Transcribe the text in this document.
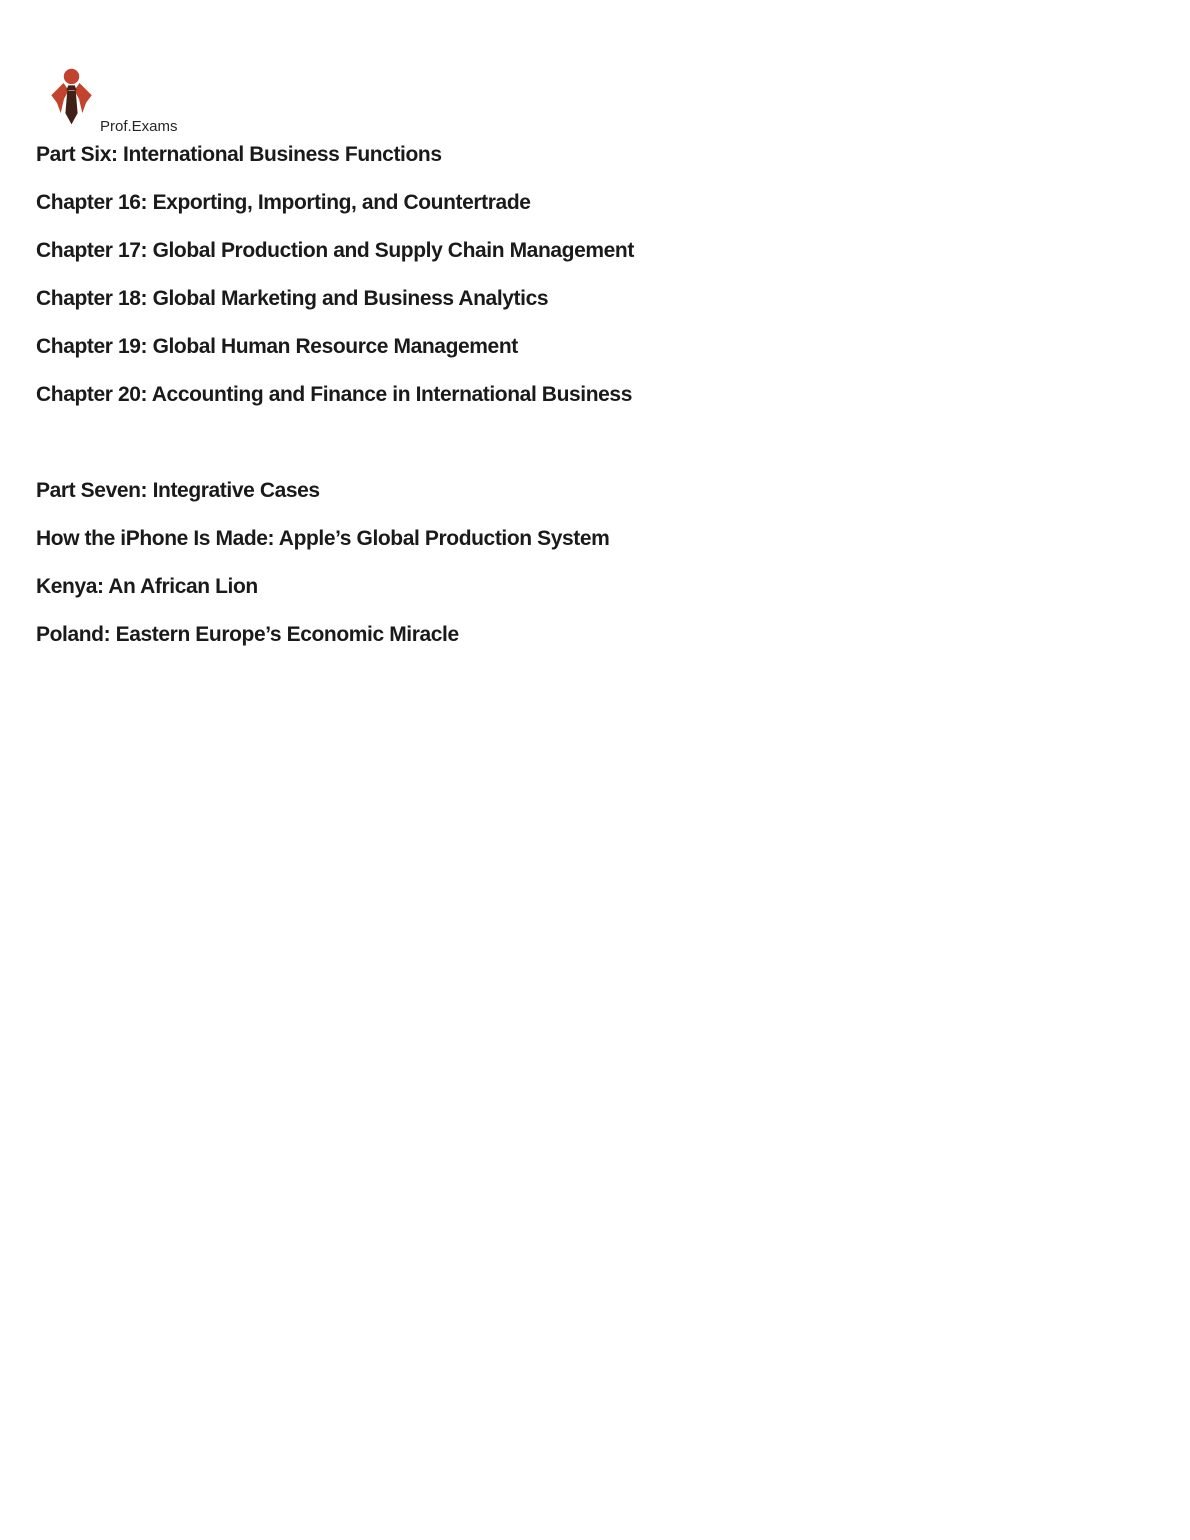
Prof.Exams

Part Six: International Business Functions

Chapter 16: Exporting, Importing, and Countertrade

Chapter 17: Global Production and Supply Chain Management

Chapter 18: Global Marketing and Business Analytics

Chapter 19: Global Human Resource Management

Chapter 20: Accounting and Finance in International Business

Part Seven: Integrative Cases

How the iPhone Is Made: Apple’s Global Production System

Kenya: An African Lion

Poland: Eastern Europe’s Economic Miracle
